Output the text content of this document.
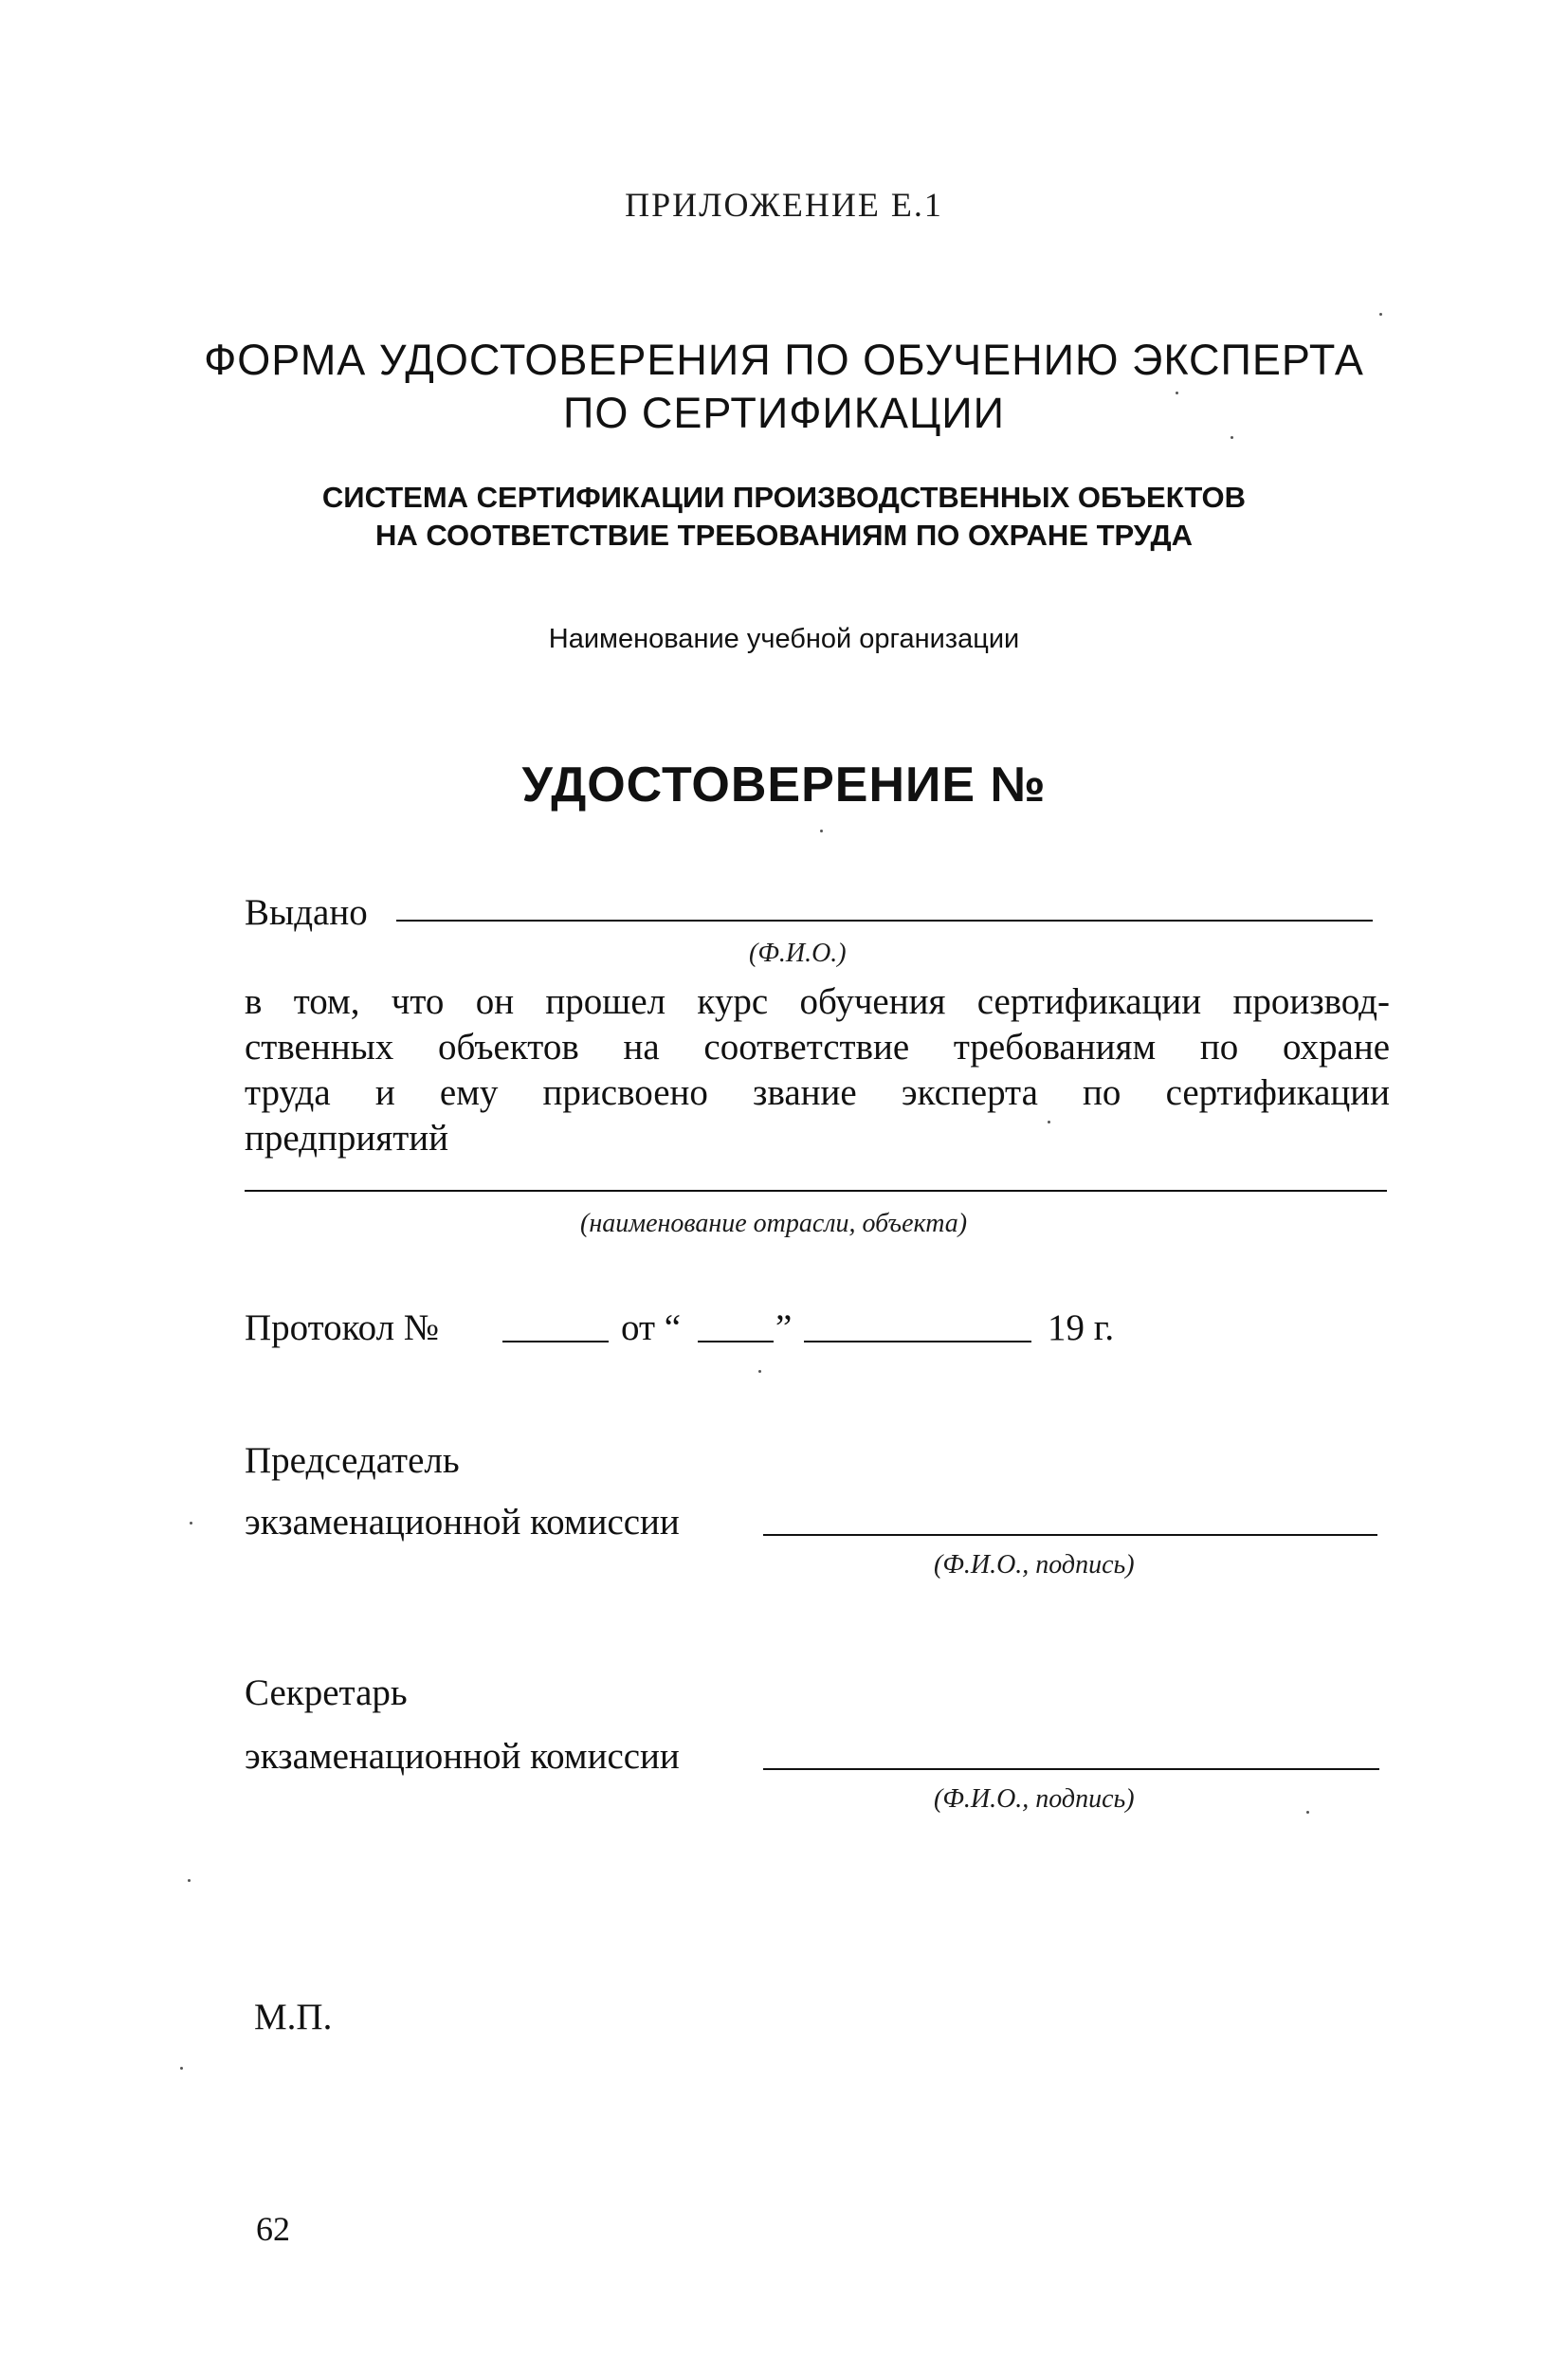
ПРИЛОЖЕНИЕ Е.1
ФОРМА УДОСТОВЕРЕНИЯ ПО ОБУЧЕНИЮ ЭКСПЕРТА
ПО СЕРТИФИКАЦИИ
СИСТЕМА СЕРТИФИКАЦИИ ПРОИЗВОДСТВЕННЫХ ОБЪЕКТОВ
НА СООТВЕТСТВИЕ ТРЕБОВАНИЯМ ПО ОХРАНЕ ТРУДА
Наименование учебной организации
УДОСТОВЕРЕНИЕ №
Выдано
(Ф.И.О.)
в том, что он прошел курс обучения сертификации производ-
ственных объектов на соответствие требованиям по охране
труда и ему присвоено звание эксперта по сертификации
предприятий
(наименование отрасли, объекта)
Протокол №	от “	”	19 г.
Председатель
экзаменационной комиссии
(Ф.И.О., подпись)
Секретарь
экзаменационной комиссии
(Ф.И.О., подпись)
М.П.
62
